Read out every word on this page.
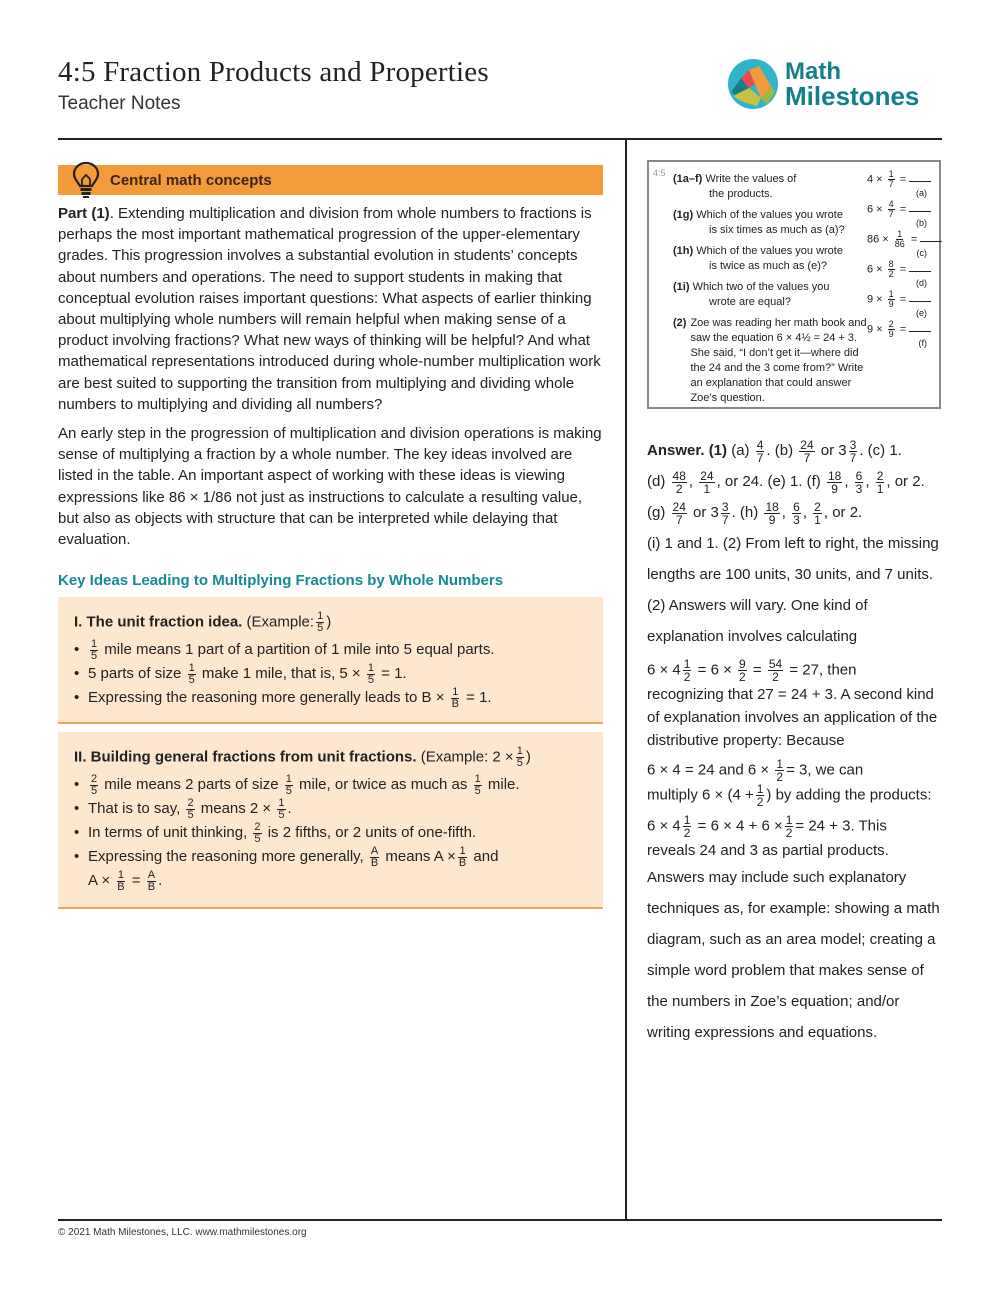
4:5 Fraction Products and Properties
Teacher Notes
Math
Milestones
Central math concepts

Part (1). Extending multiplication and division from whole numbers to fractions is perhaps the most important mathematical progression of the upper-elementary grades. This progression involves a substantial evolution in students’ concepts about numbers and operations. The need to support students in making that conceptual evolution raises important questions: What aspects of earlier thinking about multiplying whole numbers will remain helpful when making sense of a product involving fractions? What new ways of thinking will be helpful? And what mathematical representations introduced during whole-number multiplication work are best suited to supporting the transition from multiplying and dividing whole numbers to multiplying and dividing all numbers?

An early step in the progression of multiplication and division operations is making sense of multiplying a fraction by a whole number. The key ideas involved are listed in the table. An important aspect of working with these ideas is viewing expressions like 86 × 1/86 not just as instructions to calculate a resulting value, but also as objects with structure that can be interpreted while delaying that evaluation.

Key Ideas Leading to Multiplying Fractions by Whole Numbers
I. The unit fraction idea. (Example: $\frac{1}{5}$ )
• $\frac{1}{5}$ mile means 1 part of a partition of 1 mile into 5 equal parts.
• 5 parts of size $\frac{1}{5}$ make 1 mile, that is, $5 \times \frac{1}{5} = 1$.
• Expressing the reasoning more generally leads to $B \times \frac{1}{B} = 1$.
II. Building general fractions from unit fractions. (Example: $2 \times \frac{1}{5}$ )
• $\frac{2}{5}$ mile means 2 parts of size $\frac{1}{5}$ mile, or twice as much as $\frac{1}{5}$ mile.
• That is to say, $\frac{2}{5}$ means $2 \times \frac{1}{5}$ .
• In terms of unit thinking, $\frac{2}{5}$ is 2 fifths, or 2 units of one-fifth.
• Expressing the reasoning more generally, $\frac{A}{B}$ means $A \times \frac{1}{B}$ and
$A \times \frac{1}{B} = \frac{A}{B}$ .
4:5 (1a–f) Write the values of
the products.
(1g) Which of the values you wrote
is six times as much as (a)?
(1h) Which of the values you wrote
is twice as much as (e)?
(1i) Which two of the values you
wrote are equal?
(2) Zoe was reading her math book and saw the equation 6 × 4½ = 24 + 3. She said, “I don’t get it—where did the 24 and the 3 come from?” Write an explanation that could answer Zoe’s question.
$4 \times \frac{1}{7}$ =
(a)
$6 \times \frac{4}{7}$ =
(b)
$86 \times \frac{1}{86}$ =
(c)
$6 \times \frac{8}{2}$ =
(d)
$9 \times \frac{1}{9}$ =
(e)
$9 \times \frac{2}{9}$ =
(f)
Answer. (1) $(a) \frac{4}{7}$ . $(b) \frac{24}{7}$ or $3 \frac{3}{7}$ . (c) 1.
$(d) \frac{48}{2}$ , $\frac{24}{1}$ , or 24. (e) 1. $(f) \frac{18}{9}$ , $\frac{6}{3}$ , $\frac{2}{1}$ , or 2.
$(g) \frac{24}{7}$ or $3 \frac{3}{7}$ . $(h) \frac{18}{9}$ , $\frac{6}{3}$ , $\frac{2}{1}$ , or 2.
(i) 1 and 1. (2) From left to right, the missing lengths are 100 units, 30 units, and 7 units. (2) Answers will vary. One kind of explanation involves calculating
$6 \times 4 \frac{1}{2} = 6 \times \frac{9}{2} = \frac{54}{2} = 27$, then
recognizing that 27 = 24 + 3. A second kind of explanation involves an application of the distributive property: Because
6 × 4 = 24 and $6 \times \frac{1}{2} = 3$, we can
multiply $6 \times (4 + \frac{1}{2}$ ) by adding the products:
$6 \times 4 \frac{1}{2} = 6 \times 4 + 6 \times \frac{1}{2} = 24 + 3$. This
reveals 24 and 3 as partial products.
Answers may include such explanatory techniques as, for example: showing a math diagram, such as an area model; creating a simple word problem that makes sense of the numbers in Zoe’s equation; and/or writing expressions and equations.
© 2021 Math Milestones, LLC. www.mathmilestones.org
